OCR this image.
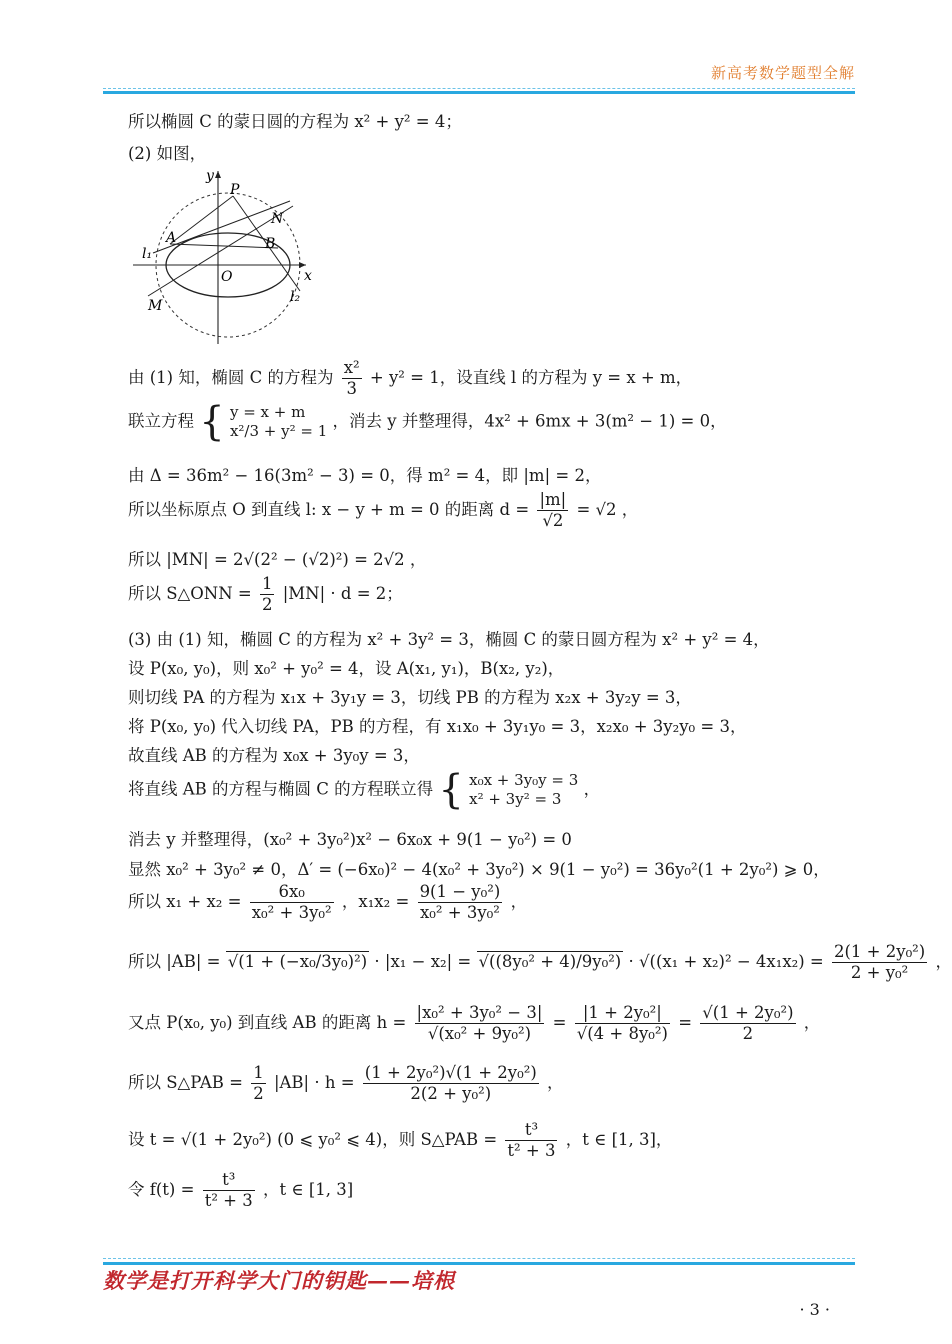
新高考数学题型全解
所以椭圆 C 的蒙日圆的方程为 x² + y² = 4；
(2) 如图，
y
x
O
P
A	B
N
M
l₁
l₂
由 (1) 知，椭圆 C 的方程为 $\frac{\text{x²}}{3} + y^2 = 1$，设直线 l 的方程为 y = x + m，
联立方程 { y = x + m
x²/3 + y² = 1
，消去 y 并整理得，4x² + 6mx + 3(m² − 1) = 0，
由 Δ = 36m² − 16(3m² − 3) = 0，得 m² = 4，即 |m| = 2，
所以坐标原点 O 到直线 l: x − y + m = 0 的距离 $d = \frac{|m|}{√2} = √2$ ，
所以 |MN| = 2√(2² − (√2)²) = 2√2 ，
所以 S△ONN = $\frac{1}{2} |MN| \cdot d = 2$；
(3) 由 (1) 知，椭圆 C 的方程为 x² + 3y² = 3，椭圆 C 的蒙日圆方程为 x² + y² = 4，
设 P(x₀, y₀)，则 x₀² + y₀² = 4，设 A(x₁, y₁)，B(x₂, y₂)，
则切线 PA 的方程为 x₁x + 3y₁y = 3，切线 PB 的方程为 x₂x + 3y₂y = 3，
将 P(x₀, y₀) 代入切线 PA，PB 的方程，有 x₁x₀ + 3y₁y₀ = 3，x₂x₀ + 3y₂y₀ = 3，
故直线 AB 的方程为 x₀x + 3y₀y = 3，
将直线 AB 的方程与椭圆 C 的方程联立得 { x₀x + 3y₀y = 3
x² + 3y² = 3
，
消去 y 并整理得，(x₀² + 3y₀²)x² − 6x₀x + 9(1 − y₀²) = 0
显然 x₀² + 3y₀² ≠ 0，Δ′ = (−6x₀)² − 4(x₀² + 3y₀²) × 9(1 − y₀²) = 36y₀²(1 + 2y₀²) ⩾ 0，
所以 $x_1 + x_2 = \frac{\text{6x₀}}{\text{x₀² + 3y₀²}}$ ，$x_1x_2 = \frac{\text{9(1 − y₀²)}}{\text{x₀² + 3y₀²}}$ ，
所以 $|AB| = √(1 + (-x_0/3y_0)^2) \cdot |x_1 - x_2| = √((8y_0^2 + 4)/9y_0^2) \cdot √((x_1 + x_2)^2 - 4x_1x_2) = \frac{\text{2(1 + 2y₀²)}}{\text{2 + y₀²}}$ ，
又点 P(x₀, y₀) 到直线 AB 的距离 $h = \frac{\text{|x₀² + 3y₀² − 3|}}{\text{√(x₀² + 9y₀²)}} = \frac{\text{|1 + 2y₀²|}}{\text{√(4 + 8y₀²)}} = \frac{\text{√(1 + 2y₀²)}}{2}$ ，
所以 S△PAB = $\frac{1}{2} |AB| \cdot h = \frac{\text{(1 + 2y₀²)√(1 + 2y₀²)}}{\text{2(2 + y₀²)}}$ ，
设 t = √(1 + 2y₀²) (0 ⩽ y₀² ⩽ 4)，则 S△PAB = $\frac{\text{t³}}{\text{t² + 3}}$ ，t ∈ [1, 3]，
令 $f(t) = \frac{\text{t³}}{\text{t² + 3}}$ ，t ∈ [1, 3]
数学是打开科学大门的钥匙——培根
· 3 ·
